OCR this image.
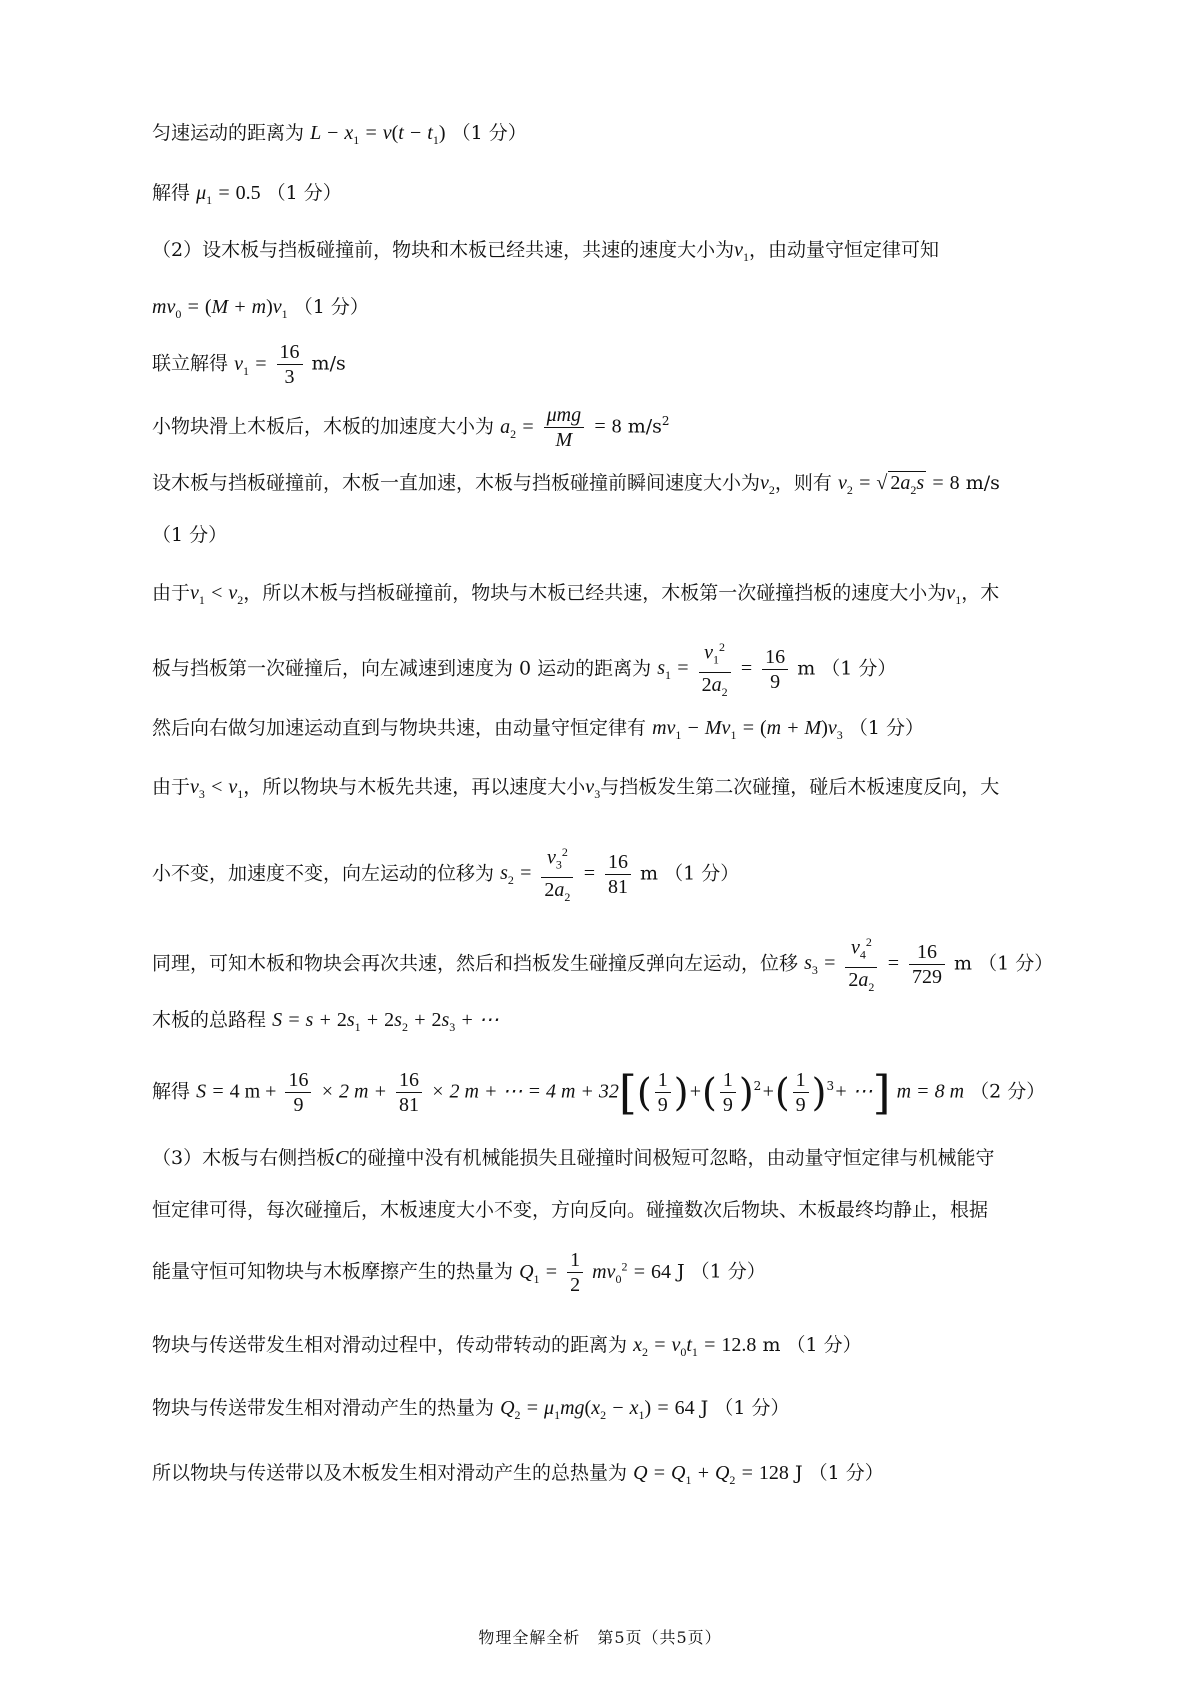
匀速运动的距离为 $L - x_1 = v(t - t_1)$ （1 分）
解得 $\mu_1 = 0.5$ （1 分）
（2）设木板与挡板碰撞前，物块和木板已经共速，共速的速度大小为$v_1$，由动量守恒定律可知
$mv_0 = (M + m)v_1$ （1 分）
联立解得 $v_1 = \frac{16}{3} m/s$
小物块滑上木板后，木板的加速度大小为 $a_2 = \frac{\text{μmg}}{M} = 8$ $m/s^2$
设木板与挡板碰撞前，木板一直加速，木板与挡板碰撞前瞬间速度大小为$v_2$，则有 $v_2$ = √ $2a_2s = 8$ m/s
（1 分）
由于$v_1 < v_2$，所以木板与挡板碰撞前，物块与木板已经共速，木板第一次碰撞挡板的速度大小为$v_1$，木
板与挡板第一次碰撞后，向左减速到速度为 0 运动的距离为 $s_1 = \frac{v_1^2}{2a_2} = \frac{16}{9}$ m （1 分）
然后向右做匀加速运动直到与物块共速，由动量守恒定律有 $mv_1 - Mv_1 = (m + M)v_3$ （1 分）
由于$v_3 < v_1$，所以物块与木板先共速，再以速度大小$v_3$与挡板发生第二次碰撞，碰后木板速度反向，大
小不变，加速度不变，向左运动的位移为 $s_2 = \frac{v_3^2}{2a_2} = \frac{16}{81}$ m （1 分）
同理，可知木板和物块会再次共速，然后和挡板发生碰撞反弹向左运动，位移 $s_3 = \frac{v_4^2}{2a_2} = \frac{16}{729}$ m （1 分）
木板的总路程 $S = s + 2s_1 + 2s_2 + 2s_3$ + ⋯
解得 S = 4 $m + \frac{16}{9} \times 2$ $m + \frac{16}{81} \times 2$ m + ⋯ = 4 $m + 32[( \frac{1}{9}$ )+( $\frac{1}{9} )^2+( \frac{1}{9} )^3+$ ⋯] m = 8 m （2 分）
（3）木板与右侧挡板C的碰撞中没有机械能损失且碰撞时间极短可忽略，由动量守恒定律与机械能守
恒定律可得，每次碰撞后，木板速度大小不变，方向反向。碰撞数次后物块、木板最终均静止，根据
能量守恒可知物块与木板摩擦产生的热量为 $Q_1 = \frac{1}{2} mv_0^2 = 64$ J （1 分）
物块与传送带发生相对滑动过程中，传动带转动的距离为 $x_2 = v_0t_1 = 12.8$ m （1 分）
物块与传送带发生相对滑动产生的热量为 $Q_2 = \mu_1mg(x_2 - x_1) = 64$ J （1 分）
所以物块与传送带以及木板发生相对滑动产生的总热量为 $Q = Q_1 + Q_2 = 128$ J （1 分）
物理全解全析　第5页（共5页）
